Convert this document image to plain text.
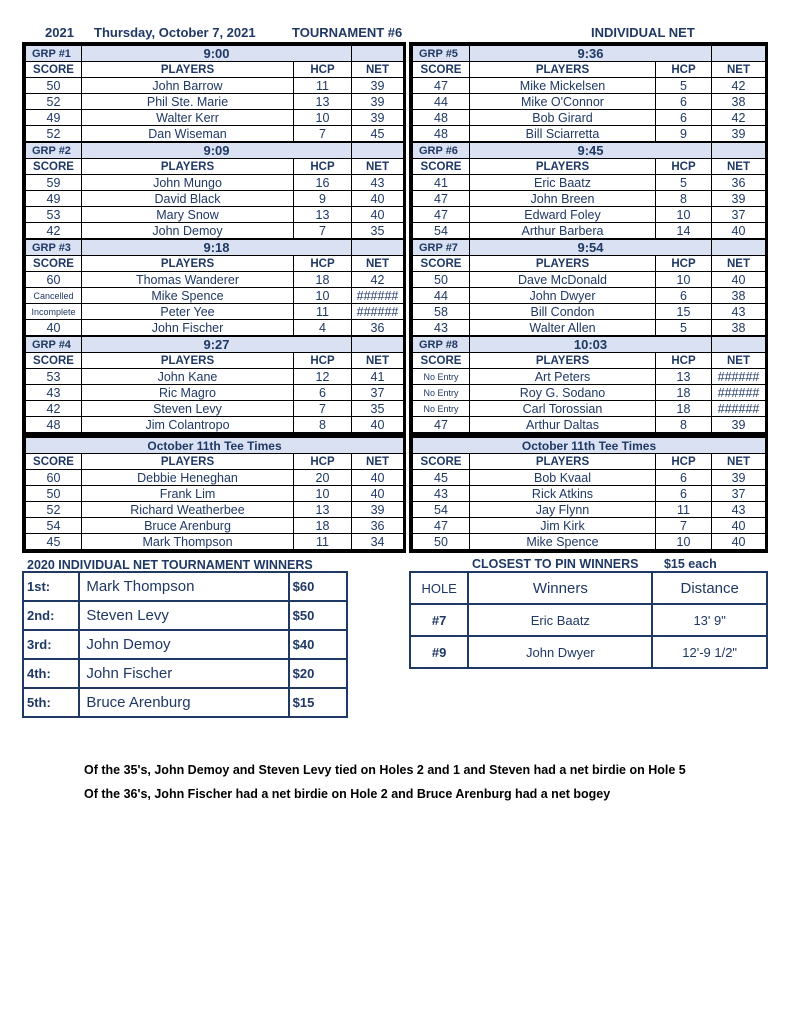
2021 Thursday, October 7, 2021	TOURNAMENT #6	INDIVIDUAL NET
GRP #1	9:00		
SCORE	PLAYERS	HCP	NET
50	John Barrow	11	39
52	Phil Ste. Marie	13	39
49	Walter Kerr	10	39
52	Dan Wiseman	7	45
GRP #2	9:09		
SCORE	PLAYERS	HCP	NET
59	John Mungo	16	43
49	David Black	9	40
53	Mary Snow	13	40
42	John Demoy	7	35
GRP #3	9:18		
SCORE	PLAYERS	HCP	NET
60	Thomas Wanderer	18	42
Cancelled	Mike Spence	10	######
Incomplete	Peter Yee	11	######
40	John Fischer	4	36
GRP #4	9:27		
SCORE	PLAYERS	HCP	NET
53	John Kane	12	41
43	Ric Magro	6	37
42	Steven Levy	7	35
48	Jim Colantropo	8	40
GRP #5	9:36		
SCORE	PLAYERS	HCP	NET
47	Mike Mickelsen	5	42
44	Mike O'Connor	6	38
48	Bob Girard	6	42
48	Bill Sciarretta	9	39
GRP #6	9:45		
SCORE	PLAYERS	HCP	NET
41	Eric Baatz	5	36
47	John Breen	8	39
47	Edward Foley	10	37
54	Arthur Barbera	14	40
GRP #7	9:54		
SCORE	PLAYERS	HCP	NET
50	Dave McDonald	10	40
44	John Dwyer	6	38
58	Bill Condon	15	43
43	Walter Allen	5	38
GRP #8	10:03		
SCORE	PLAYERS	HCP	NET
No Entry	Art Peters	13	######
No Entry	Roy G. Sodano	18	######
No Entry	Carl Torossian	18	######
47	Arthur Daltas	8	39
October 11th Tee Times			
SCORE	PLAYERS	HCP	NET
60	Debbie Heneghan	20	40
50	Frank Lim	10	40
52	Richard Weatherbee	13	39
54	Bruce Arenburg	18	36
45	Mark Thompson	11	34
October 11th Tee Times			
SCORE	PLAYERS	HCP	NET
45	Bob Kvaal	6	39
43	Rick Atkins	6	37
54	Jay Flynn	11	43
47	Jim Kirk	7	40
50	Mike Spence	10	40
2020 INDIVIDUAL NET TOURNAMENT WINNERS
1st:	Mark Thompson	$60
2nd:	Steven Levy	$50
3rd:	John Demoy	$40
4th:	John Fischer	$20
5th:	Bruce Arenburg	$15
CLOSEST TO PIN WINNERS $15 each
HOLE	Winners	Distance
#7	Eric Baatz	13' 9"
#9	John Dwyer	12'-9 1/2"
Of the 35's, John Demoy and Steven Levy tied on Holes 2 and 1 and Steven had a net birdie on Hole 5
Of the 36's, John Fischer had a net birdie on Hole 2 and Bruce Arenburg had a net bogey
